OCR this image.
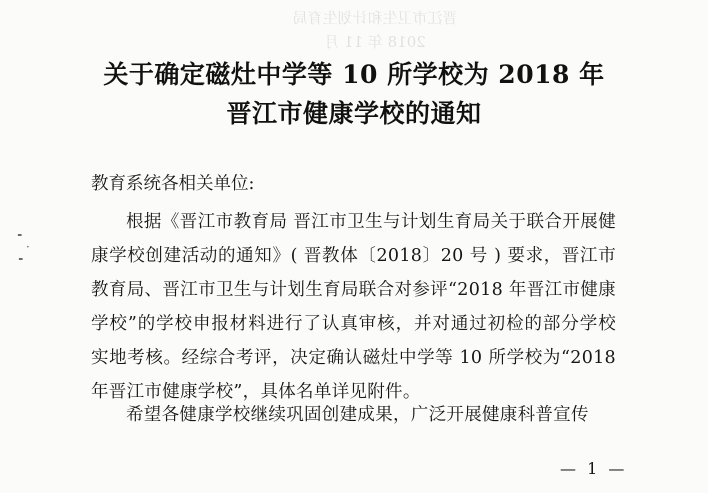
晋江市卫生和计划生育局
2018 年 11 月
关于确定磁灶中学等 10 所学校为 2018 年
晋江市健康学校的通知
教育系统各相关单位:
根据《晋江市教育局 晋江市卫生与计划生育局关于联合开展健康学校创建活动的通知》( 晋教体〔2018〕20 号 ) 要求，晋江市教育局、晋江市卫生与计划生育局联合对参评“2018 年晋江市健康学校”的学校申报材料进行了认真审核，并对通过初检的部分学校实地考核。经综合考评，决定确认磁灶中学等 10 所学校为“2018 年晋江市健康学校”，具体名单详见附件。
希望各健康学校继续巩固创建成果，广泛开展健康科普宣传
╸
·
╸
— 1 —
